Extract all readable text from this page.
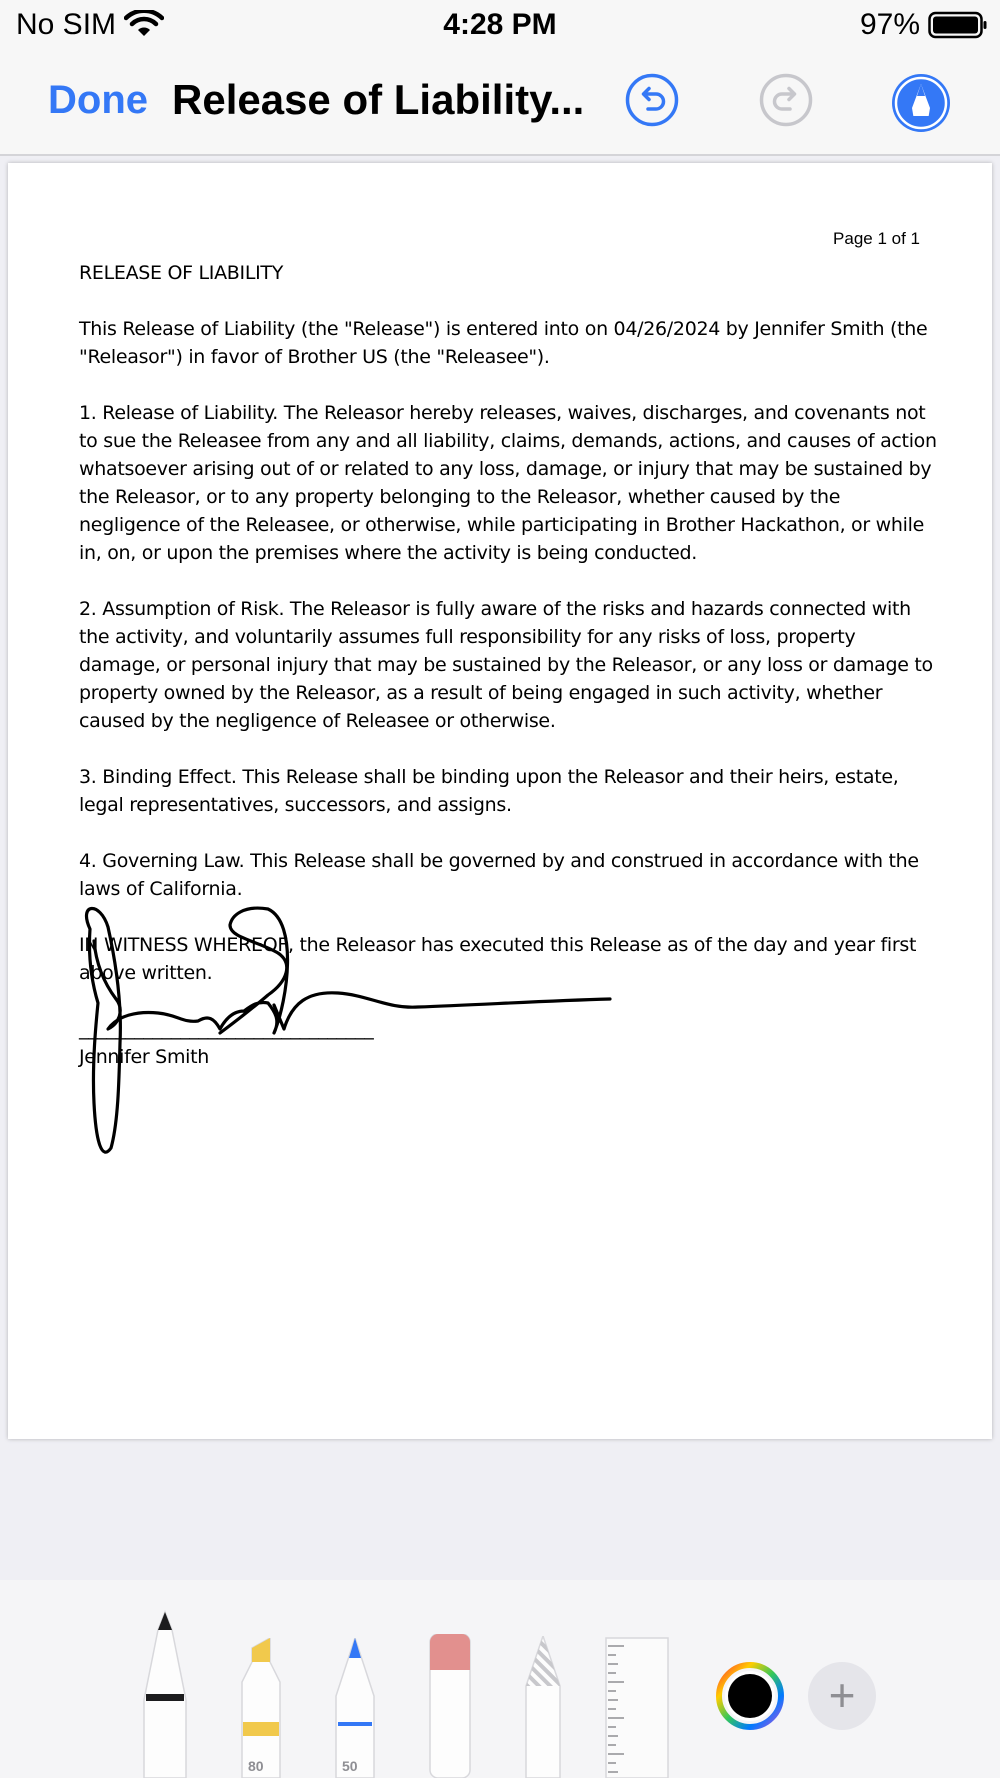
No SIM	4:28 PM	97%
Done Release of Liability...
Page 1 of 1

RELEASE OF LIABILITY

This Release of Liability (the "Release") is entered into on 04/26/2024 by Jennifer Smith (the "Releasor") in favor of Brother US (the "Releasee").

1. Release of Liability. The Releasor hereby releases, waives, discharges, and covenants not to sue the Releasee from any and all liability, claims, demands, actions, and causes of action whatsoever arising out of or related to any loss, damage, or injury that may be sustained by the Releasor, or to any property belonging to the Releasor, whether caused by the negligence of the Releasee, or otherwise, while participating in Brother Hackathon, or while in, on, or upon the premises where the activity is being conducted.

2. Assumption of Risk. The Releasor is fully aware of the risks and hazards connected with the activity, and voluntarily assumes full responsibility for any risks of loss, property damage, or personal injury that may be sustained by the Releasor, or any loss or damage to property owned by the Releasor, as a result of being engaged in such activity, whether caused by the negligence of Releasee or otherwise.

3. Binding Effect. This Release shall be binding upon the Releasor and their heirs, estate, legal representatives, successors, and assigns.

4. Governing Law. This Release shall be governed by and construed in accordance with the laws of California.

IN WITNESS WHEREOF, the Releasor has executed this Release as of the day and year first above written.

________________________________
Jennifer Smith
80	50
+
